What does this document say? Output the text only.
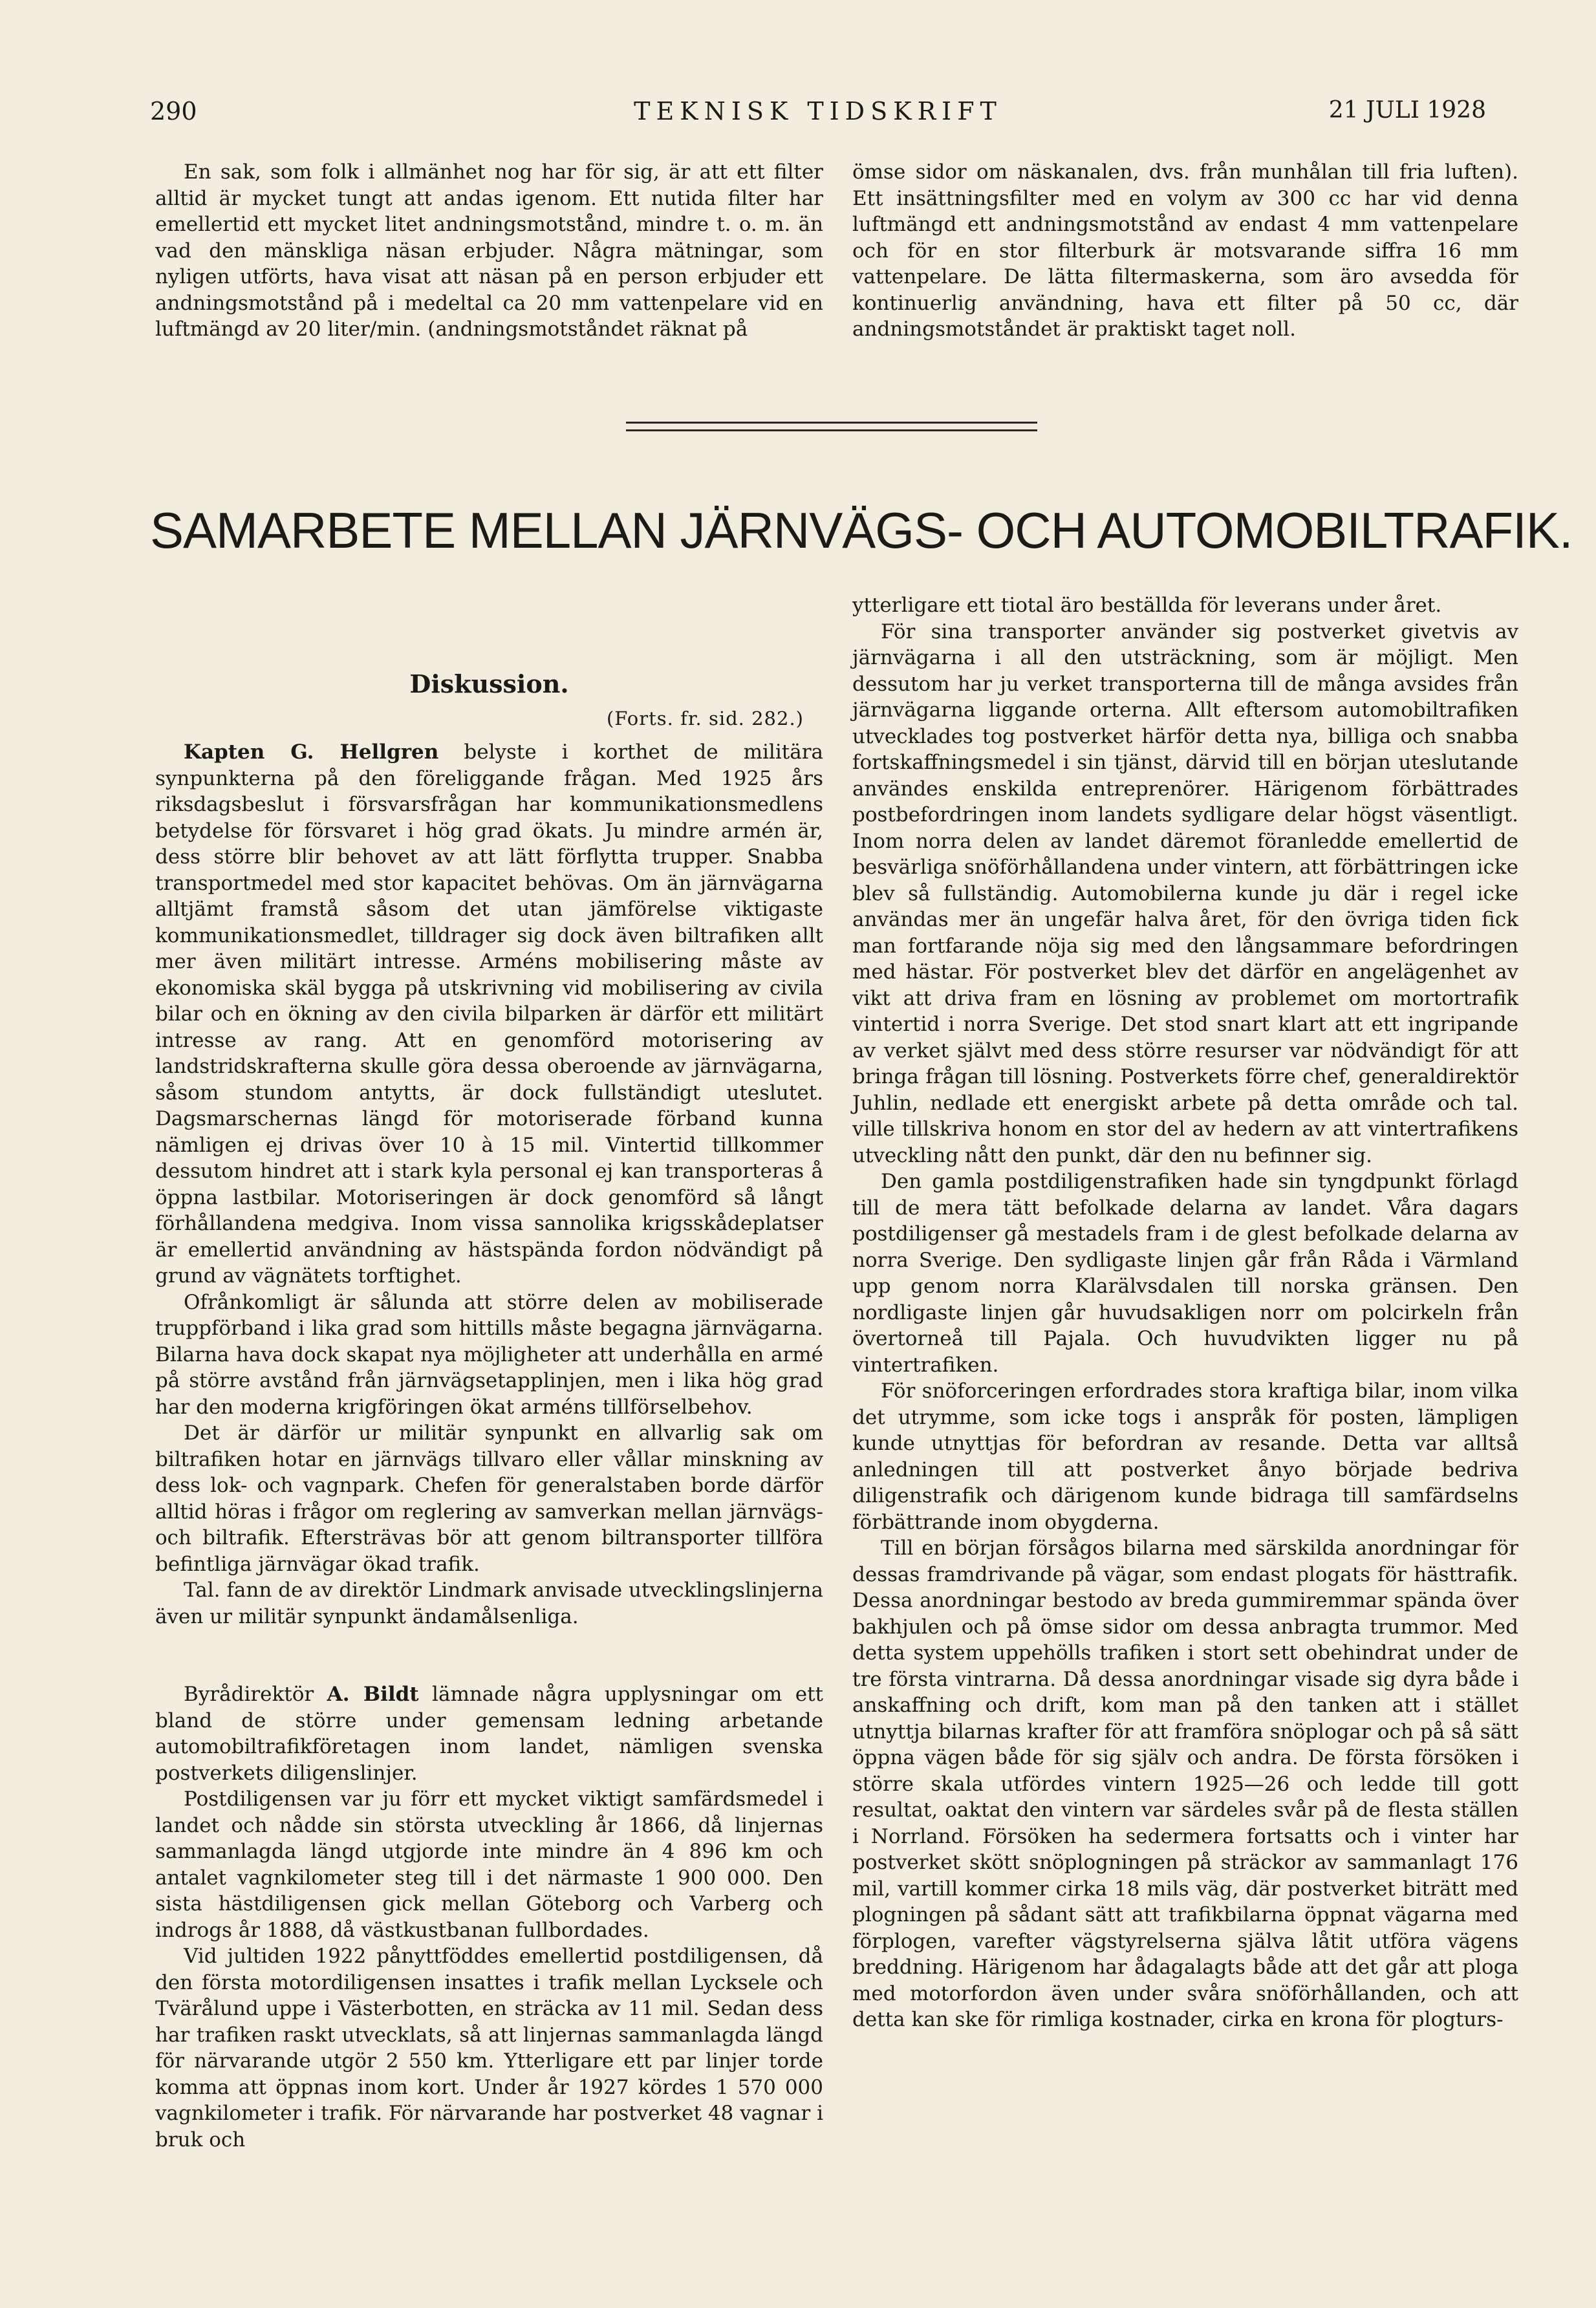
290	TEKNISK TIDSKRIFT	21 JULI 1928

En sak, som folk i allmänhet nog har för sig, är att ett filter alltid är mycket tungt att andas igenom. Ett nutida filter har emellertid ett mycket litet andningsmotstånd, mindre t. o. m. än vad den mänskliga näsan erbjuder. Några mätningar, som nyligen utförts, hava visat att näsan på en person erbjuder ett andningsmotstånd på i medeltal ca 20 mm vattenpelare vid en luftmängd av 20 liter/min. (andningsmotståndet räknat på

ömse sidor om näskanalen, dvs. från munhålan till fria luften). Ett insättningsfilter med en volym av 300 cc har vid denna luftmängd ett andningsmotstånd av endast 4 mm vattenpelare och för en stor filterburk är motsvarande siffra 16 mm vattenpelare. De lätta filtermaskerna, som äro avsedda för kontinuerlig användning, hava ett filter på 50 cc, där andningsmotståndet är praktiskt taget noll.

SAMARBETE MELLAN JÄRNVÄGS- OCH AUTOMOBILTRAFIK.
Diskussion.
(Forts. fr. sid. 282.)

Kapten G. Hellgren belyste i korthet de militära synpunkterna på den föreliggande frågan. Med 1925 års riksdagsbeslut i försvarsfrågan har kommunikationsmedlens betydelse för försvaret i hög grad ökats. Ju mindre armén är, dess större blir behovet av att lätt förflytta trupper. Snabba transportmedel med stor kapacitet behövas. Om än järnvägarna alltjämt framstå såsom det utan jämförelse viktigaste kommunikationsmedlet, tilldrager sig dock även biltrafiken allt mer även militärt intresse. Arméns mobilisering måste av ekonomiska skäl bygga på utskrivning vid mobilisering av civila bilar och en ökning av den civila bilparken är därför ett militärt intresse av rang. Att en genomförd motorisering av landstridskrafterna skulle göra dessa oberoende av järnvägarna, såsom stundom antytts, är dock fullständigt uteslutet. Dagsmarschernas längd för motoriserade förband kunna nämligen ej drivas över 10 à 15 mil. Vintertid tillkommer dessutom hindret att i stark kyla personal ej kan transporteras å öppna lastbilar. Motoriseringen är dock genomförd så långt förhållandena medgiva. Inom vissa sannolika krigsskådeplatser är emellertid användning av hästspända fordon nödvändigt på grund av vägnätets torftighet.

Ofrånkomligt är sålunda att större delen av mobiliserade truppförband i lika grad som hittills måste begagna järnvägarna. Bilarna hava dock skapat nya möjligheter att underhålla en armé på större avstånd från järnvägsetapplinjen, men i lika hög grad har den moderna krigföringen ökat arméns tillförselbehov.

Det är därför ur militär synpunkt en allvarlig sak om biltrafiken hotar en järnvägs tillvaro eller vållar minskning av dess lok- och vagnpark. Chefen för generalstaben borde därför alltid höras i frågor om reglering av samverkan mellan järnvägs- och biltrafik. Eftersträvas bör att genom biltransporter tillföra befintliga järnvägar ökad trafik.

Tal. fann de av direktör Lindmark anvisade utvecklingslinjerna även ur militär synpunkt ändamålsenliga.

Byrådirektör A. Bildt lämnade några upplysningar om ett bland de större under gemensam ledning arbetande automobiltrafikföretagen inom landet, nämligen svenska postverkets diligenslinjer.

Postdiligensen var ju förr ett mycket viktigt samfärdsmedel i landet och nådde sin största utveckling år 1866, då linjernas sammanlagda längd utgjorde inte mindre än 4 896 km och antalet vagnkilometer steg till i det närmaste 1 900 000. Den sista hästdiligensen gick mellan Göteborg och Varberg och indrogs år 1888, då västkustbanan fullbordades.

Vid jultiden 1922 pånyttföddes emellertid postdiligensen, då den första motordiligensen insattes i trafik mellan Lycksele och Tvärålund uppe i Västerbotten, en sträcka av 11 mil. Sedan dess har trafiken raskt utvecklats, så att linjernas sammanlagda längd för närvarande utgör 2 550 km. Ytterligare ett par linjer torde komma att öppnas inom kort. Under år 1927 kördes 1 570 000 vagnkilometer i trafik. För närvarande har postverket 48 vagnar i bruk och

ytterligare ett tiotal äro beställda för leverans under året.

För sina transporter använder sig postverket givetvis av järnvägarna i all den utsträckning, som är möjligt. Men dessutom har ju verket transporterna till de många avsides från järnvägarna liggande orterna. Allt eftersom automobiltrafiken utvecklades tog postverket härför detta nya, billiga och snabba fortskaffningsmedel i sin tjänst, därvid till en början uteslutande användes enskilda entreprenörer. Härigenom förbättrades postbefordringen inom landets sydligare delar högst väsentligt. Inom norra delen av landet däremot föranledde emellertid de besvärliga snöförhållandena under vintern, att förbättringen icke blev så fullständig. Automobilerna kunde ju där i regel icke användas mer än ungefär halva året, för den övriga tiden fick man fortfarande nöja sig med den långsammare befordringen med hästar. För postverket blev det därför en angelägenhet av vikt att driva fram en lösning av problemet om mortortrafik vintertid i norra Sverige. Det stod snart klart att ett ingripande av verket självt med dess större resurser var nödvändigt för att bringa frågan till lösning. Postverkets förre chef, generaldirektör Juhlin, nedlade ett energiskt arbete på detta område och tal. ville tillskriva honom en stor del av hedern av att vintertrafikens utveckling nått den punkt, där den nu befinner sig.

Den gamla postdiligenstrafiken hade sin tyngdpunkt förlagd till de mera tätt befolkade delarna av landet. Våra dagars postdiligenser gå mestadels fram i de glest befolkade delarna av norra Sverige. Den sydligaste linjen går från Råda i Värmland upp genom norra Klarälvsdalen till norska gränsen. Den nordligaste linjen går huvudsakligen norr om polcirkeln från övertorneå till Pajala. Och huvudvikten ligger nu på vintertrafiken.

För snöforceringen erfordrades stora kraftiga bilar, inom vilka det utrymme, som icke togs i anspråk för posten, lämpligen kunde utnyttjas för befordran av resande. Detta var alltså anledningen till att postverket ånyo började bedriva diligenstrafik och därigenom kunde bidraga till samfärdselns förbättrande inom obygderna.

Till en början försågos bilarna med särskilda anordningar för dessas framdrivande på vägar, som endast plogats för hästtrafik. Dessa anordningar bestodo av breda gummiremmar spända över bakhjulen och på ömse sidor om dessa anbragta trummor. Med detta system uppehölls trafiken i stort sett obehindrat under de tre första vintrarna. Då dessa anordningar visade sig dyra både i anskaffning och drift, kom man på den tanken att i stället utnyttja bilarnas krafter för att framföra snöplogar och på så sätt öppna vägen både för sig själv och andra. De första försöken i större skala utfördes vintern 1925—26 och ledde till gott resultat, oaktat den vintern var särdeles svår på de flesta ställen i Norrland. Försöken ha sedermera fortsatts och i vinter har postverket skött snöplogningen på sträckor av sammanlagt 176 mil, vartill kommer cirka 18 mils väg, där postverket biträtt med plogningen på sådant sätt att trafikbilarna öppnat vägarna med förplogen, varefter vägstyrelserna själva låtit utföra vägens breddning. Härigenom har ådagalagts både att det går att ploga med motorfordon även under svåra snöförhållanden, och att detta kan ske för rimliga kostnader, cirka en krona för plogturs-
